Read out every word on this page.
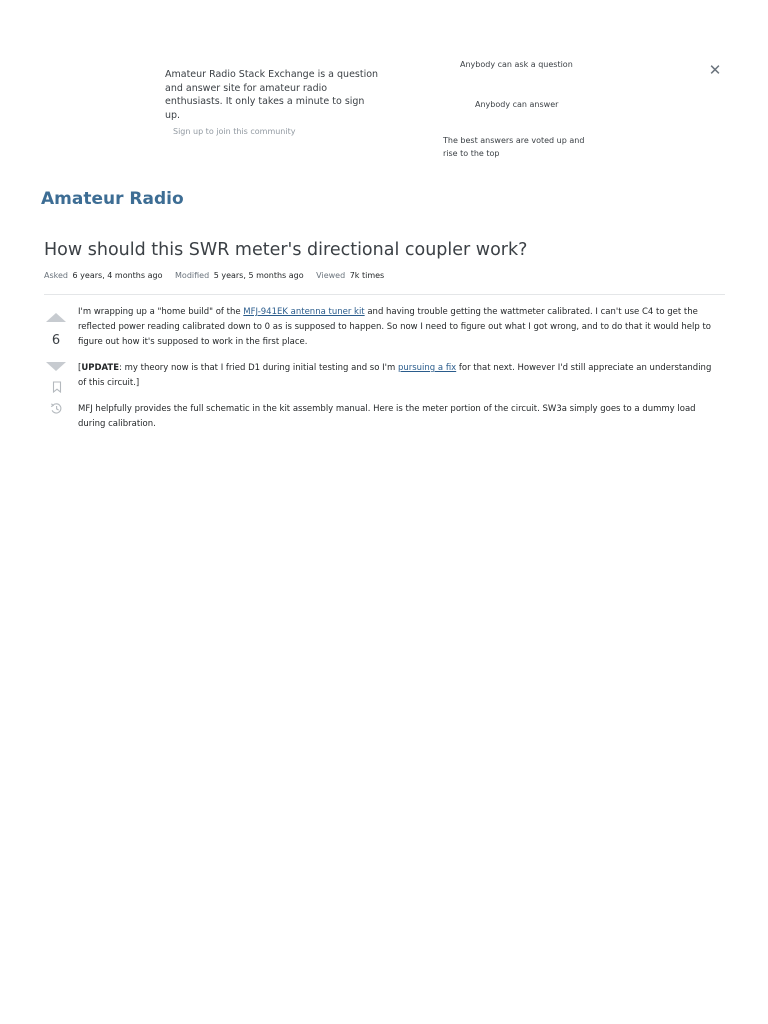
Amateur Radio Stack Exchange is a question and answer site for amateur radio enthusiasts. It only takes a minute to sign up.
Sign up to join this community
Anybody can ask a question
Anybody can answer
The best answers are voted up and rise to the top
✕
Amateur Radio
How should this SWR meter's directional coupler work?
Asked 6 years, 4 months ago Modified 5 years, 5 months ago Viewed 7k times
6

I'm wrapping up a "home build" of the MFJ-941EK antenna tuner kit and having trouble getting the wattmeter calibrated. I can't use C4 to get the reflected power reading calibrated down to 0 as is supposed to happen. So now I need to figure out what I got wrong, and to do that it would help to figure out how it's supposed to work in the first place.

[UPDATE: my theory now is that I fried D1 during initial testing and so I'm pursuing a fix for that next. However I'd still appreciate an understanding of this circuit.]

MFJ helpfully provides the full schematic in the kit assembly manual. Here is the meter portion of the circuit. SW3a simply goes to a dummy load during calibration.
